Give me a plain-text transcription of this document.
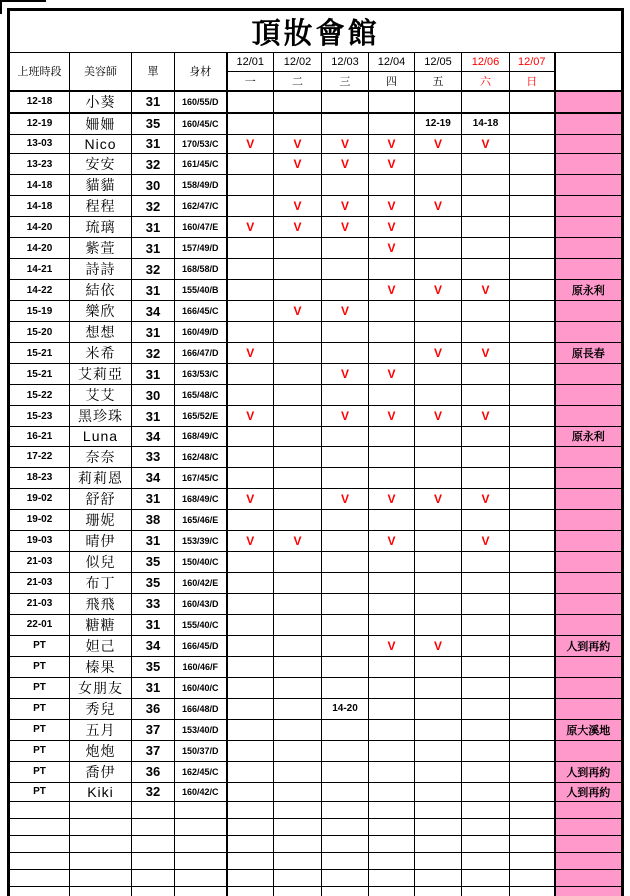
頂妝會館											
上班時段	美容師	單	身材	12/01	12/02	12/03	12/04	12/05	12/06	12/07	
				一	二	三	四	五	六	日	
12-18	小葵	31	160/55/D								
12-19	姍姍	35	160/45/C					12-19	14-18		
13-03	Nico	31	170/53/C	V	V	V	V	V	V		
13-23	安安	32	161/45/C		V	V	V				
14-18	貓貓	30	158/49/D								
14-18	程程	32	162/47/C		V	V	V	V			
14-20	琉璃	31	160/47/E	V	V	V	V				
14-20	紫萱	31	157/49/D				V				
14-21	詩詩	32	168/58/D								
14-22	結依	31	155/40/B				V	V	V		原永利
15-19	樂欣	34	166/45/C		V	V					
15-20	想想	31	160/49/D								
15-21	米希	32	166/47/D	V				V	V		原長春
15-21	艾莉亞	31	163/53/C			V	V				
15-22	艾艾	30	165/48/C								
15-23	黑珍珠	31	165/52/E	V		V	V	V	V		
16-21	Luna	34	168/49/C								原永利
17-22	奈奈	33	162/48/C								
18-23	莉莉恩	34	167/45/C								
19-02	舒舒	31	168/49/C	V		V	V	V	V		
19-02	珊妮	38	165/46/E								
19-03	晴伊	31	153/39/C	V	V		V		V		
21-03	似兒	35	150/40/C								
21-03	布丁	35	160/42/E								
21-03	飛飛	33	160/43/D								
22-01	糖糖	31	155/40/C								
PT	妲己	34	166/45/D				V	V			人到再約
PT	榛果	35	160/46/F								
PT	女朋友	31	160/40/C								
PT	秀兒	36	166/48/D			14-20					
PT	五月	37	153/40/D								原大溪地
PT	炮炮	37	150/37/D								
PT	喬伊	36	162/45/C								人到再約
PT	Kiki	32	160/42/C								人到再約
